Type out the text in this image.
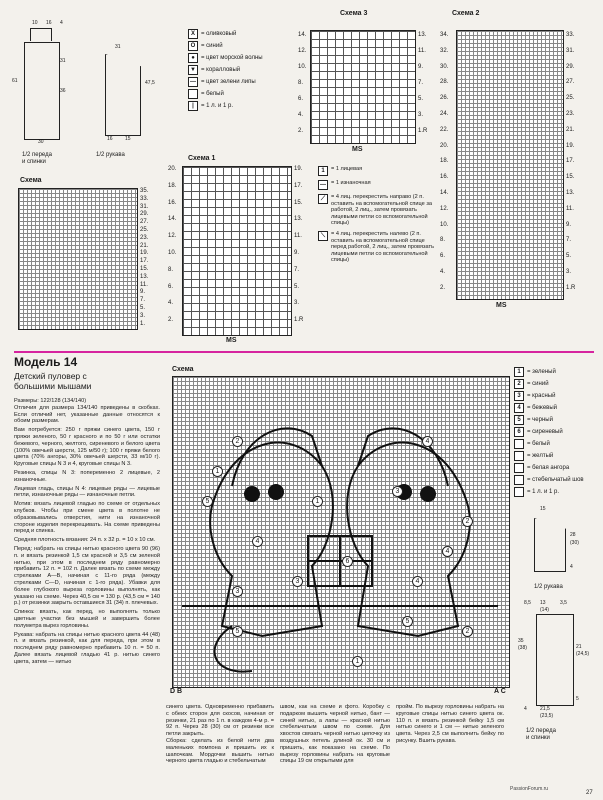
10 16 4
31
36
61
30
31
47,5
16 15
1/2 переда
и спинки
1/2 рукава
Схема
35.
33.
31.
29.
27.
25.
23.
21.
19.
17.
15.
13.
11.
9.
7.
5.
3.
1.
X	= оливковый
O = синий
●	= цвет морской волны
▼ = коралловый
— = цвет зелени липы
= белый
|	= 1 л. и 1 р.
Схема 1
20.
18.
16.
14.
12.
10.
8.
6.
4.
2.
19.
17.
15.
13.
11.
9.
7.
5.
3.
1.R
MS
Схема 3
14.
12.
10.
8.
6.
4.
2.
13.
11.
9.
7.
5.
3.
1.R
MS
1	= 1 лицевая
— = 1 изнаночная
⟋	= 4 лиц. перекрестить направо (2 п. оставить на вспомогательной спице за работой, 2 лиц., затем провязать лицевыми петли со вспомогательной спицы)
⟍	= 4 лиц. перекрестить налево (2 п. оставить на вспомогательной спице перед работой, 2 лиц., затем провязать лицевыми петли со вспомогательной спицы)
Схема 2
34.
32.
30.
28.
26.
24.
22.
20.
18.
16.
14.
12.
10.
8.
6.
4.
2.
33.
31.
29.
27.
25.
23.
21.
19.
17.
15.
13.
11.
9.
7.
5.
3.
1.R
MS
Модель 14
Детский пуловер с
большими мышами
Размеры: 122/128 (134/140)
Отличия для размера 134/140 приведены в скобках. Если отличий нет, указанные данные относятся к обоим размерам.
Вам потребуется: 250 г пряжи синего цвета, 150 г пряжи зеленого, 50 г красного и по 50 г или остатки бежевого, черного, желтого, сиреневого и белого цвета (100% овечьей шерсти, 125 м/50 г); 100 г пряжи белого цвета (70% ангоры, 30% овечьей шерсти, 33 м/10 г). Круговые спицы N 3 и 4, круговые спицы N 3.
Резинка, спицы N 3: попеременно 2 лицевые, 2 изнаночные.
Лицевая гладь, спицы N 4: лицевые ряды — лицевые петли, изнаночные ряды — изнаночные петли.
Мотив: вязать лицевой гладью по схеме от отдельных клубков. Чтобы при смене цвета в полотне не образовывались отверстия, нити на изнаночной стороне изделия перекрещивать. На схеме приведены перед и спинка.
Средняя плотность вязания: 24 п. x 32 р. = 10 x 10 см.
Перед: набрать на спицы нитью красного цвета 90 (96) п. и вязать резинкой 1,5 см красной и 3,5 см зеленой нитью, при этом в последнем ряду равномерно прибавить 12 п. = 102 п. Далее вязать по схеме между стрелками А—В, начиная с 11-го ряда (между стрелками С—D, начиная с 1-го ряда). Убавки для более глубокого выреза горловины выполнять, как указано на схеме. Через 40,5 см = 130 р. (43,5 см = 140 р.) от резинки закрыть оставшиеся 31 (34) п. плечевых.
Спинка: вязать, как перед, но выполнять только цветные участки без мышей и завершить более полуметра вырез горловины.
Рукава: набрать на спицы нитью красного цвета 44 (48) п. и вязать резинкой, как для переда, при этом в последнем ряду равномерно прибавить 10 п. = 50 п. Далее вязать лицевой гладью 41 р. нитью синего цвета, затем — нитью
Схема
1
2
3
4
5
6
4
3
5
2
1
4
3
5
2
4
1
D B	A C
синего цвета. Одновременно прибавить с обеих сторон для скосов, начиная от резинки, 21 раз по 1 п. в каждом 4-м р. = 92 п. Через 28 (30) см от резинки все петли закрыть.
Сборка: сделать из белой нити два маленьких помпона и пришить их к шапочкам. Мордочки вышить нитью черного цвета гладью и стебельчатым
швом, как на схеме и фото. Коробку с подарком вышить черной нитью, бант — синей нитью, а лапы — красной нитью стебельчатым швом по схеме. Для хвостов связать черной нитью цепочку из воздушных петель длиной ок. 30 см и пришить, как показано на схеме. По вырезу горловины набрать на круговые спицы 19 см открытыми для
пройм. По вырезу горловины набрать на круговые спицы нитью синего цвета ок. 110 п. и вязать резинкой бейку 1,5 см нитью синего и 1 см — нитью зеленого цвета. Через 2,5 см выполнить бейку по рисунку. Вшить рукава.
1	= зеленый
2	= синий
3	= красный
4	= бежевый
5	= черный
6	= сиреневый
= белый
= желтый
= белая ангора
= стебельчатый шов
= 1 л. и 1 р.
15
28
(30)
4
1/2 рукава
8,5 13
(14)
3,5
35
(38)	21
(24,5)
5
21,5
(23,5)
4
1/2 переда
и спинки
PassionForum.ru
27
